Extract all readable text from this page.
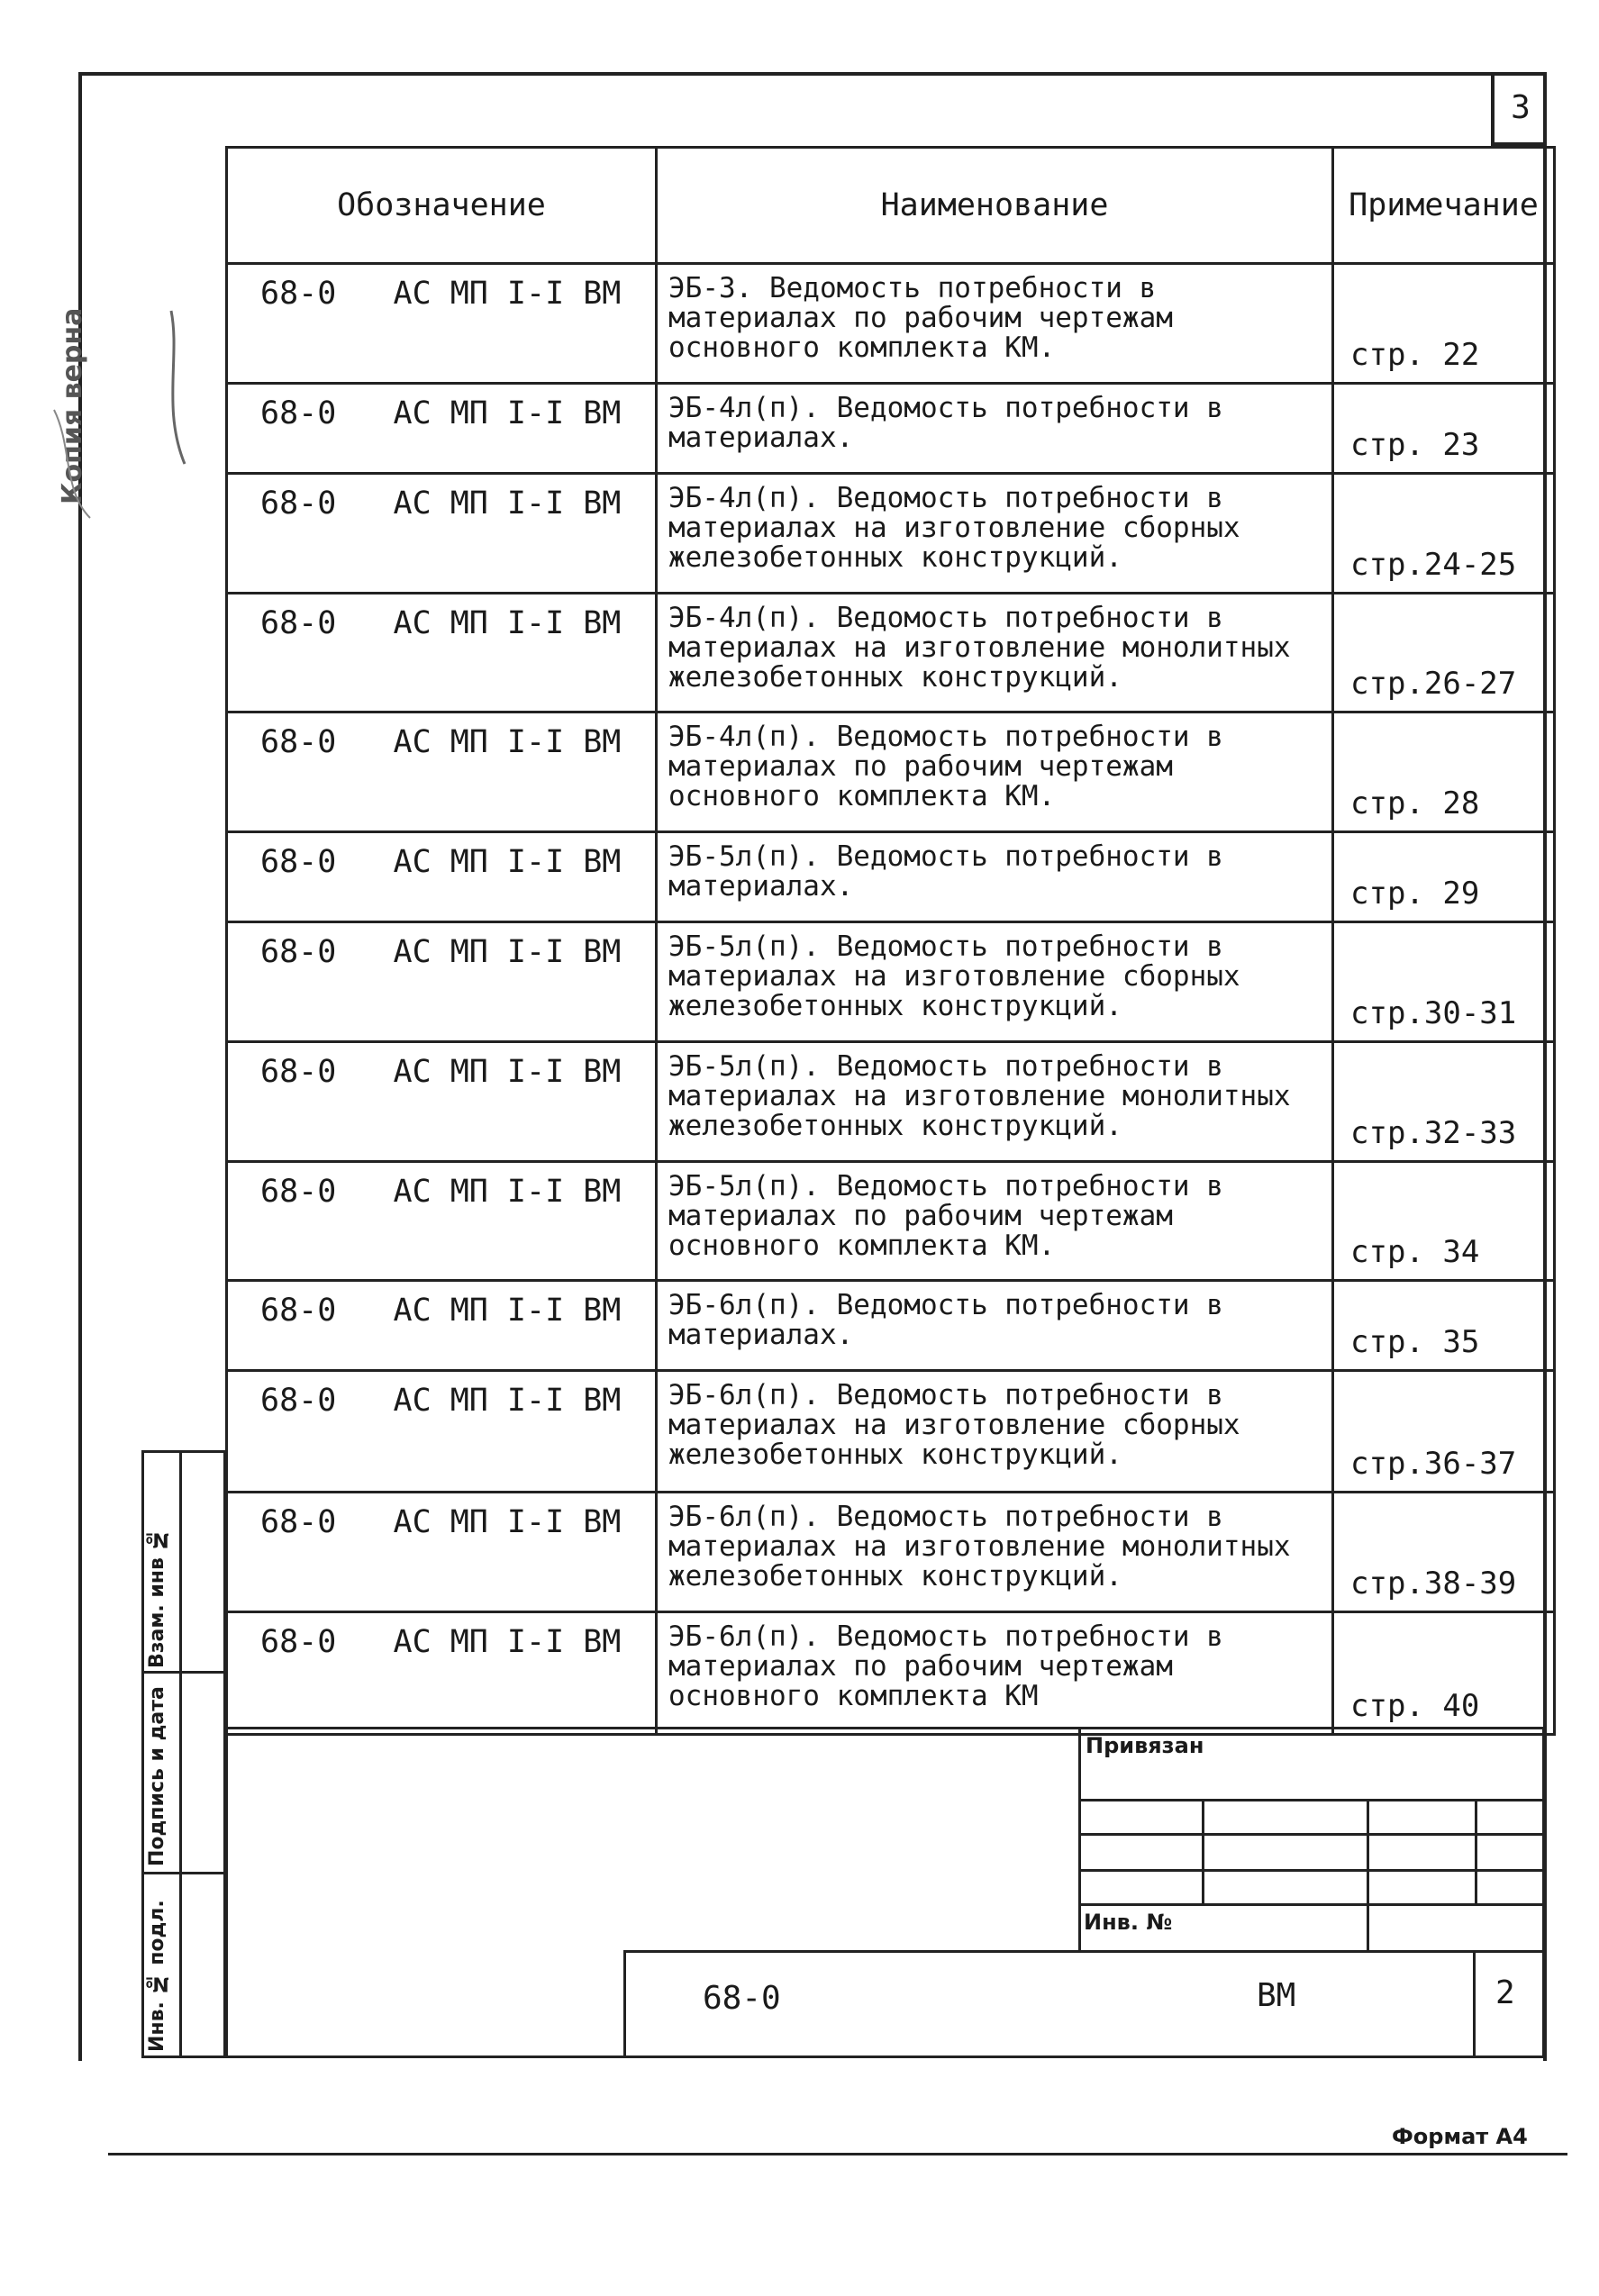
3
Копия верна
Обозначение	Наименование	Примечание
68-0   АС МП I-I ВМ	ЭБ-3. Ведомость потребности в материалах по рабочим чертежам основного комплекта КМ.	стр. 22
68-0   АС МП I-I ВМ	ЭБ-4л(п). Ведомость потребности в материалах.	стр. 23
68-0   АС МП I-I ВМ	ЭБ-4л(п). Ведомость потребности в материалах на изготовление сборных железобетонных конструкций.	стр.24-25
68-0   АС МП I-I ВМ	ЭБ-4л(п). Ведомость потребности в материалах на изготовление монолитных железобетонных конструкций.	стр.26-27
68-0   АС МП I-I ВМ	ЭБ-4л(п). Ведомость потребности в материалах по рабочим чертежам основного комплекта КМ.	стр. 28
68-0   АС МП I-I ВМ	ЭБ-5л(п). Ведомость потребности в материалах.	стр. 29
68-0   АС МП I-I ВМ	ЭБ-5л(п). Ведомость потребности в материалах на изготовление сборных железобетонных конструкций.	стр.30-31
68-0   АС МП I-I ВМ	ЭБ-5л(п). Ведомость потребности в материалах на изготовление монолитных железобетонных конструкций.	стр.32-33
68-0   АС МП I-I ВМ	ЭБ-5л(п). Ведомость потребности в материалах по рабочим чертежам основного комплекта КМ.	стр. 34
68-0   АС МП I-I ВМ	ЭБ-6л(п). Ведомость потребности в материалах.	стр. 35
68-0   АС МП I-I ВМ	ЭБ-6л(п). Ведомость потребности в материалах на изготовление сборных железобетонных конструкций.	стр.36-37
68-0   АС МП I-I ВМ	ЭБ-6л(п). Ведомость потребности в материалах на изготовление монолитных железобетонных конструкций.	стр.38-39
68-0   АС МП I-I ВМ	ЭБ-6л(п). Ведомость потребности в материалах по рабочим чертежам основного комплекта КМ	стр. 40
Привязан
Инв. №
68-0	ВМ	2
Инв. № подл.
Подпись и дата
Взам. инв №
Формат А4
